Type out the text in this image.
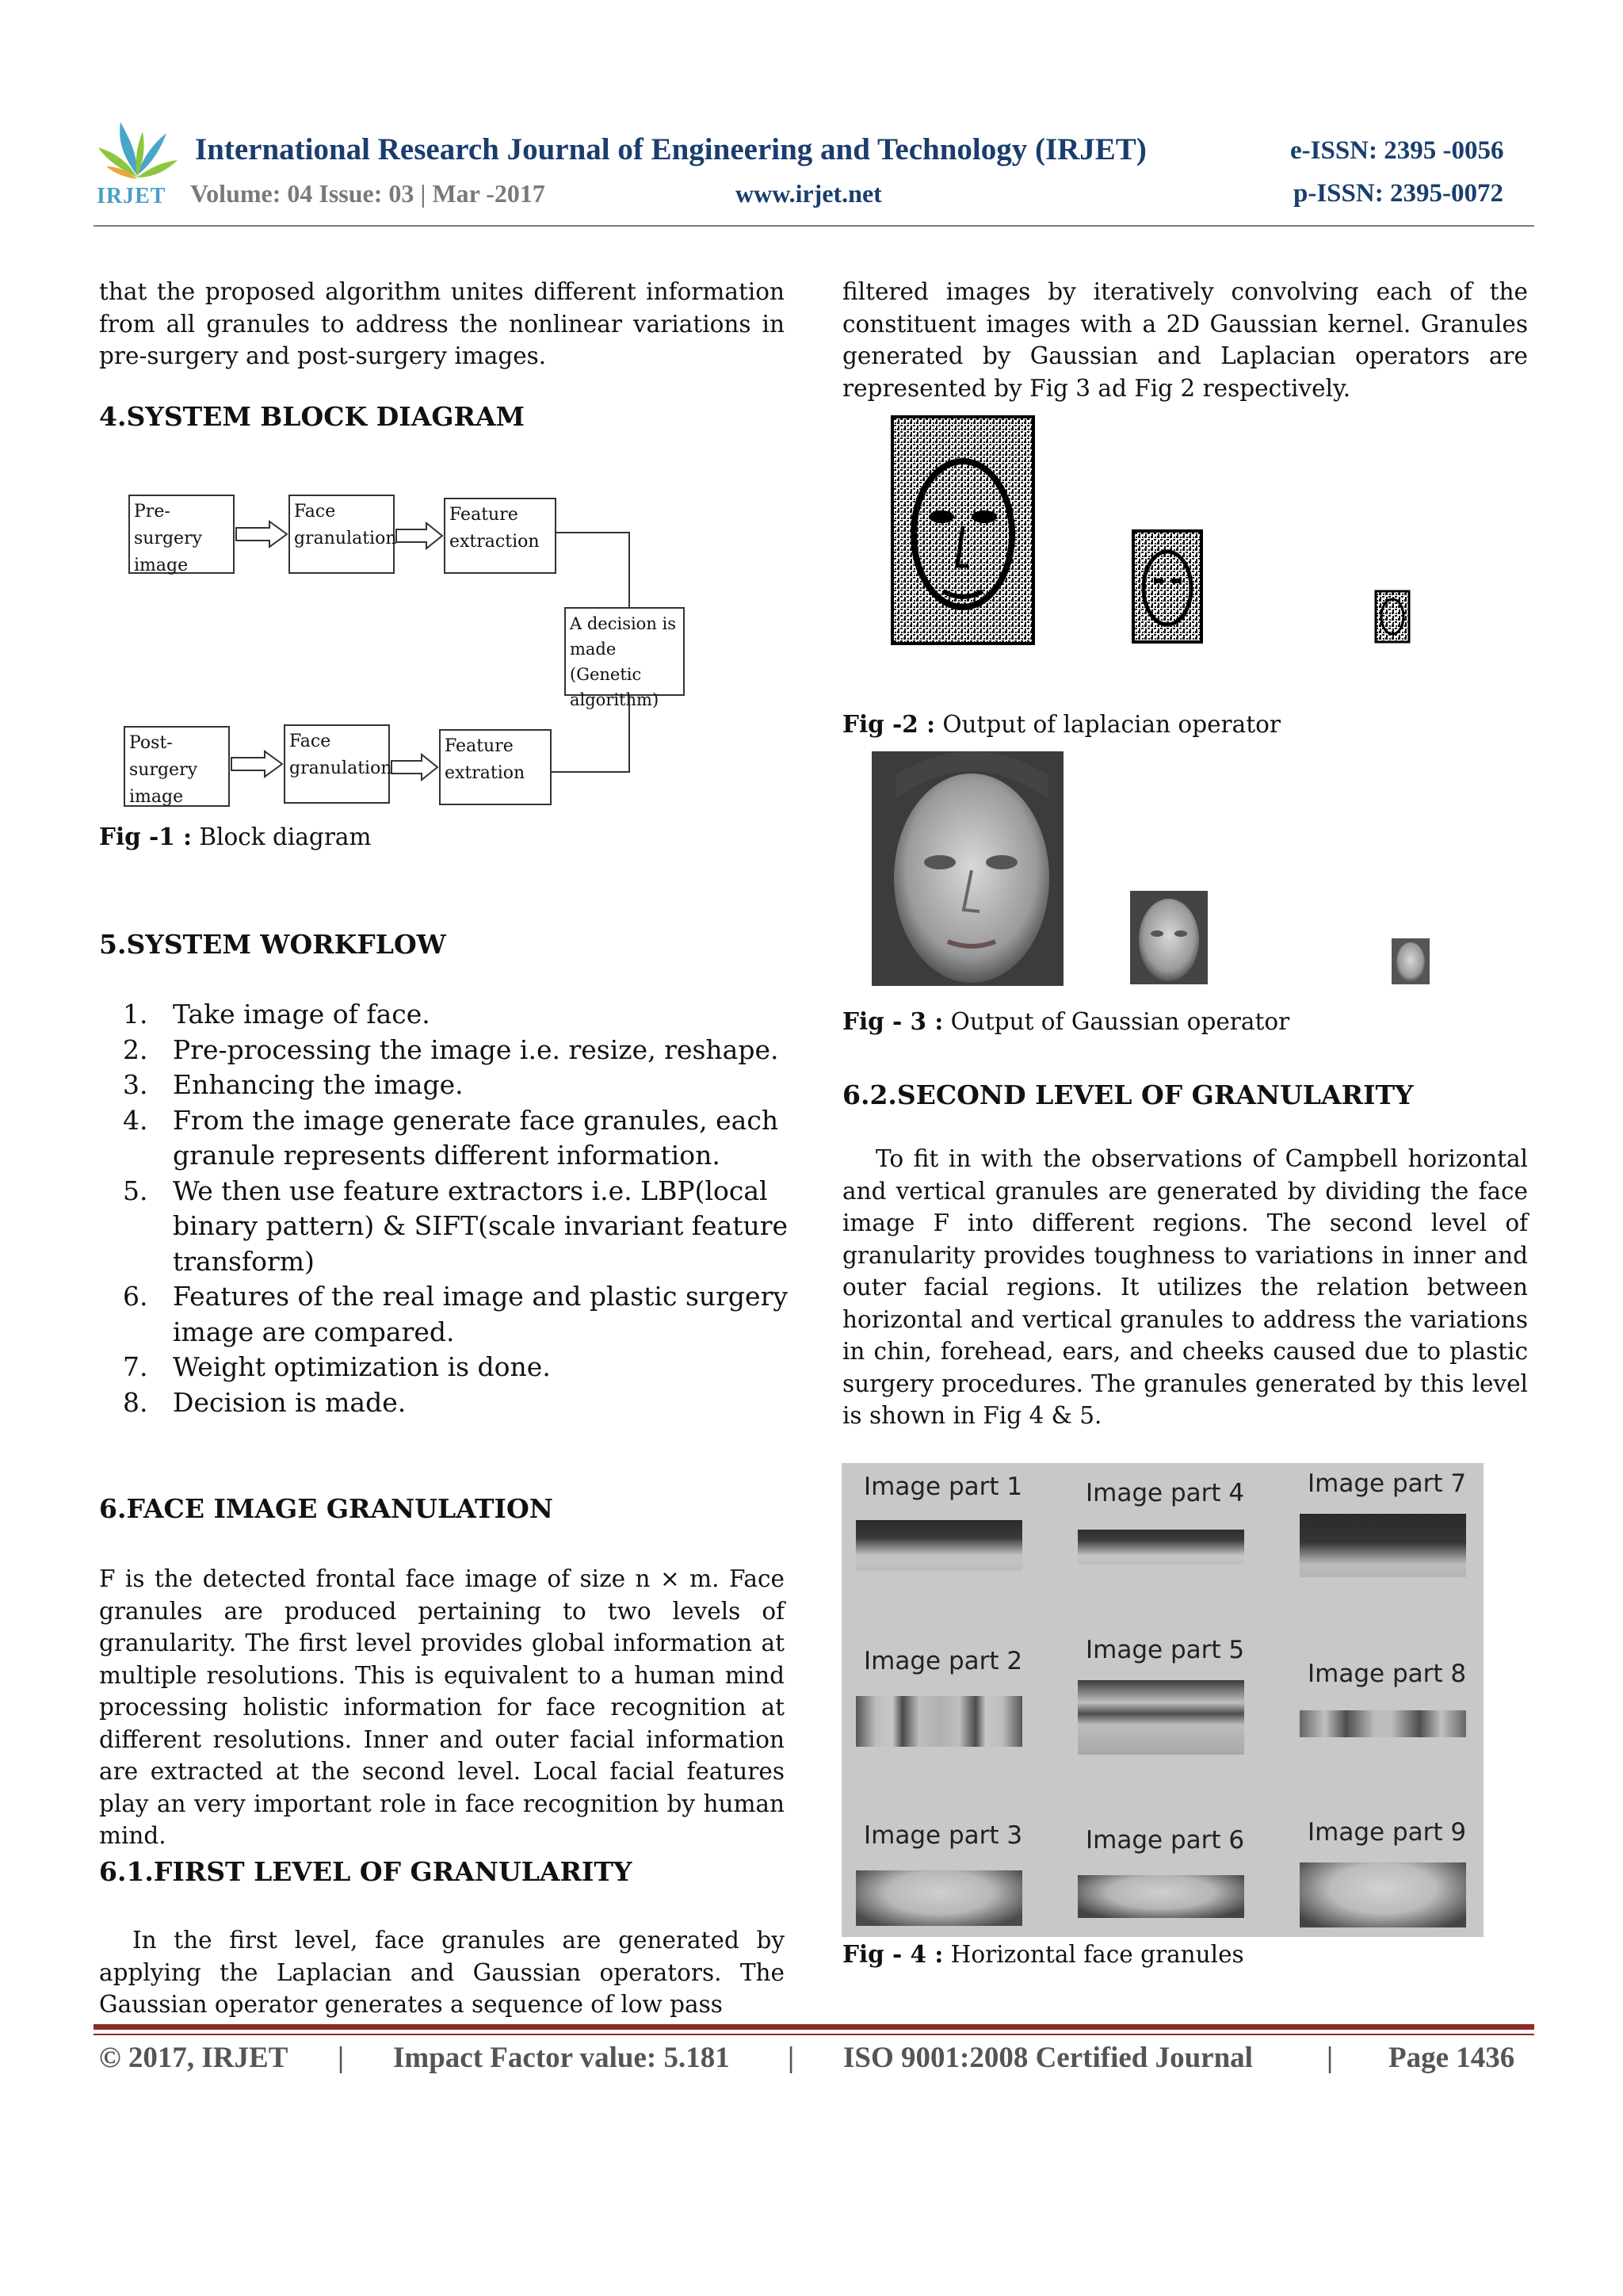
IRJET
International Research Journal of Engineering and Technology (IRJET)	e-ISSN: 2395 -0056
Volume: 04 Issue: 03 | Mar -2017	www.irjet.net	p-ISSN: 2395-0072
that the proposed algorithm unites different information from all granules to address the nonlinear variations in pre-surgery and post-surgery images.
4.SYSTEM BLOCK DIAGRAM
Pre- surgery image
Face granulation
Feature extraction
A decision is made (Genetic algorithm)
Post- surgery image
Face granulation
Feature extration
Fig -1 : Block diagram
5.SYSTEM WORKFLOW
1. Take image of face.
2. Pre-processing the image i.e. resize, reshape.
3. Enhancing the image.
4. From the image generate face granules, each granule represents different information.
5. We then use feature extractors i.e. LBP(local binary pattern) & SIFT(scale invariant feature transform)
6. Features of the real image and plastic surgery image are compared.
7. Weight optimization is done.
8. Decision is made.
6.FACE IMAGE GRANULATION
F is the detected frontal face image of size n × m. Face granules are produced pertaining to two levels of granularity. The first level provides global information at multiple resolutions. This is equivalent to a human mind processing holistic information for face recognition at different resolutions. Inner and outer facial information are extracted at the second level. Local facial features play an very important role in face recognition by human mind.
6.1.FIRST LEVEL OF GRANULARITY
In the first level, face granules are generated by applying the Laplacian and Gaussian operators. The Gaussian operator generates a sequence of low pass
filtered images by iteratively convolving each of the constituent images with a 2D Gaussian kernel. Granules generated by Gaussian and Laplacian operators are represented by Fig 3 ad Fig 2 respectively.
Fig -2 : Output of laplacian operator
Fig - 3 : Output of Gaussian operator
6.2.SECOND LEVEL OF GRANULARITY
To fit in with the observations of Campbell horizontal and vertical granules are generated by dividing the face image F into different regions. The second level of granularity provides toughness to variations in inner and outer facial regions. It utilizes the relation between horizontal and vertical granules to address the variations in chin, forehead, ears, and cheeks caused due to plastic surgery procedures. The granules generated by this level is shown in Fig 4 & 5.
Image part 1	Image part 4	Image part 7
Image part 2	Image part 5
Image part 8
Image part 3	Image part 6	Image part 9
Fig - 4 : Horizontal face granules
© 2017, IRJET | Impact Factor value: 5.181 | ISO 9001:2008 Certified Journal	| Page 1436
